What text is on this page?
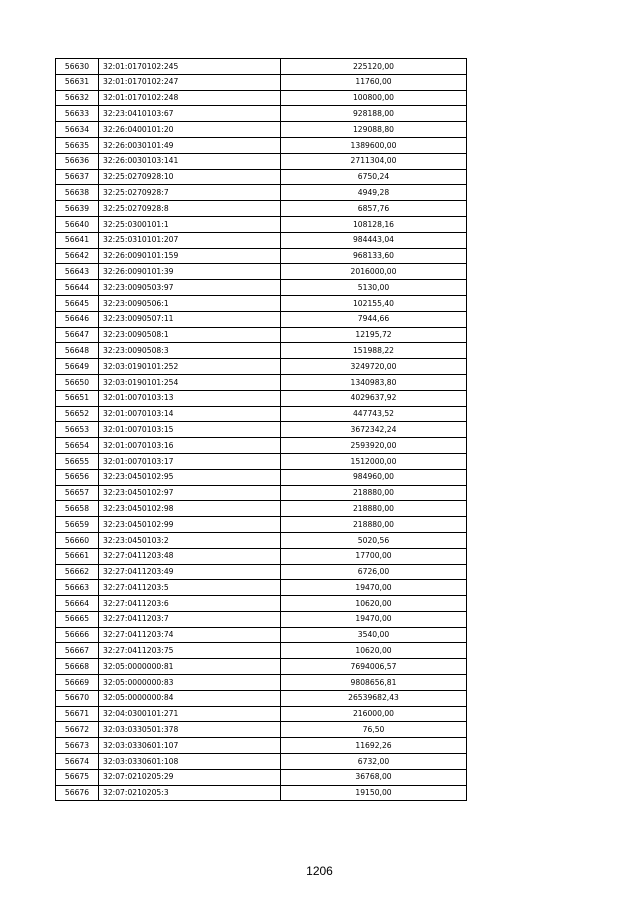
56630	32:01:0170102:245	225120,00
56631	32:01:0170102:247	11760,00
56632	32:01:0170102:248	100800,00
56633	32:23:0410103:67	928188,00
56634	32:26:0400101:20	129088,80
56635	32:26:0030101:49	1389600,00
56636	32:26:0030103:141	2711304,00
56637	32:25:0270928:10	6750,24
56638	32:25:0270928:7	4949,28
56639	32:25:0270928:8	6857,76
56640	32:25:0300101:1	108128,16
56641	32:25:0310101:207	984443,04
56642	32:26:0090101:159	968133,60
56643	32:26:0090101:39	2016000,00
56644	32:23:0090503:97	5130,00
56645	32:23:0090506:1	102155,40
56646	32:23:0090507:11	7944,66
56647	32:23:0090508:1	12195,72
56648	32:23:0090508:3	151988,22
56649	32:03:0190101:252	3249720,00
56650	32:03:0190101:254	1340983,80
56651	32:01:0070103:13	4029637,92
56652	32:01:0070103:14	447743,52
56653	32:01:0070103:15	3672342,24
56654	32:01:0070103:16	2593920,00
56655	32:01:0070103:17	1512000,00
56656	32:23:0450102:95	984960,00
56657	32:23:0450102:97	218880,00
56658	32:23:0450102:98	218880,00
56659	32:23:0450102:99	218880,00
56660	32:23:0450103:2	5020,56
56661	32:27:0411203:48	17700,00
56662	32:27:0411203:49	6726,00
56663	32:27:0411203:5	19470,00
56664	32:27:0411203:6	10620,00
56665	32:27:0411203:7	19470,00
56666	32:27:0411203:74	3540,00
56667	32:27:0411203:75	10620,00
56668	32:05:0000000:81	7694006,57
56669	32:05:0000000:83	9808656,81
56670	32:05:0000000:84	26539682,43
56671	32:04:0300101:271	216000,00
56672	32:03:0330501:378	76,50
56673	32:03:0330601:107	11692,26
56674	32:03:0330601:108	6732,00
56675	32:07:0210205:29	36768,00
56676	32:07:0210205:3	19150,00
1206
